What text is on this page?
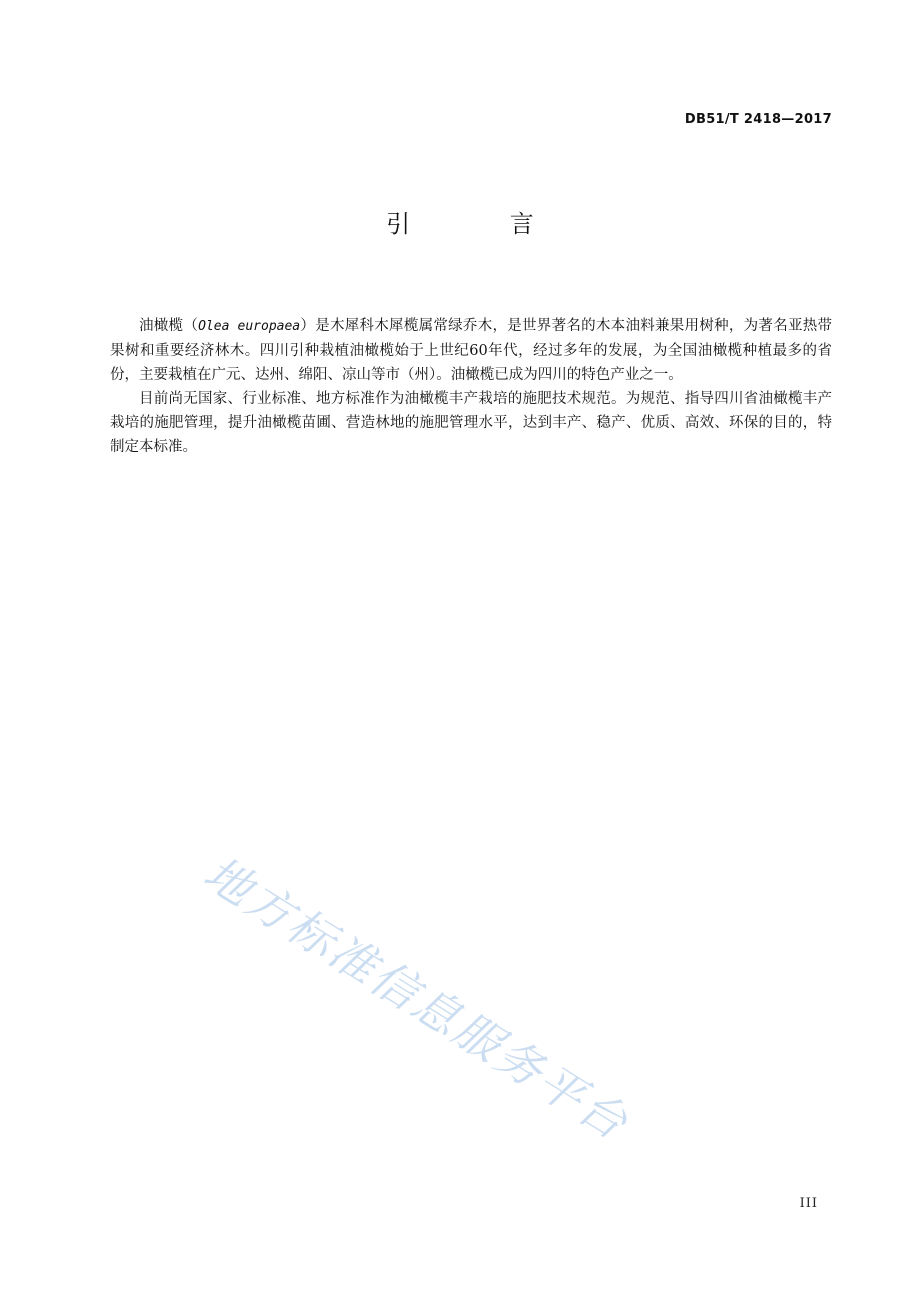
DB51/T 2418—2017
引 言

油橄榄（Olea europaea）是木犀科木犀榄属常绿乔木，是世界著名的木本油料兼果用树种，为著名亚热带果树和重要经济林木。四川引种栽植油橄榄始于上世纪60年代，经过多年的发展，为全国油橄榄种植最多的省份，主要栽植在广元、达州、绵阳、凉山等市（州）。油橄榄已成为四川的特色产业之一。

目前尚无国家、行业标准、地方标准作为油橄榄丰产栽培的施肥技术规范。为规范、指导四川省油橄榄丰产栽培的施肥管理，提升油橄榄苗圃、营造林地的施肥管理水平，达到丰产、稳产、优质、高效、环保的目的，特制定本标准。

地方标准信息服务平台
III
